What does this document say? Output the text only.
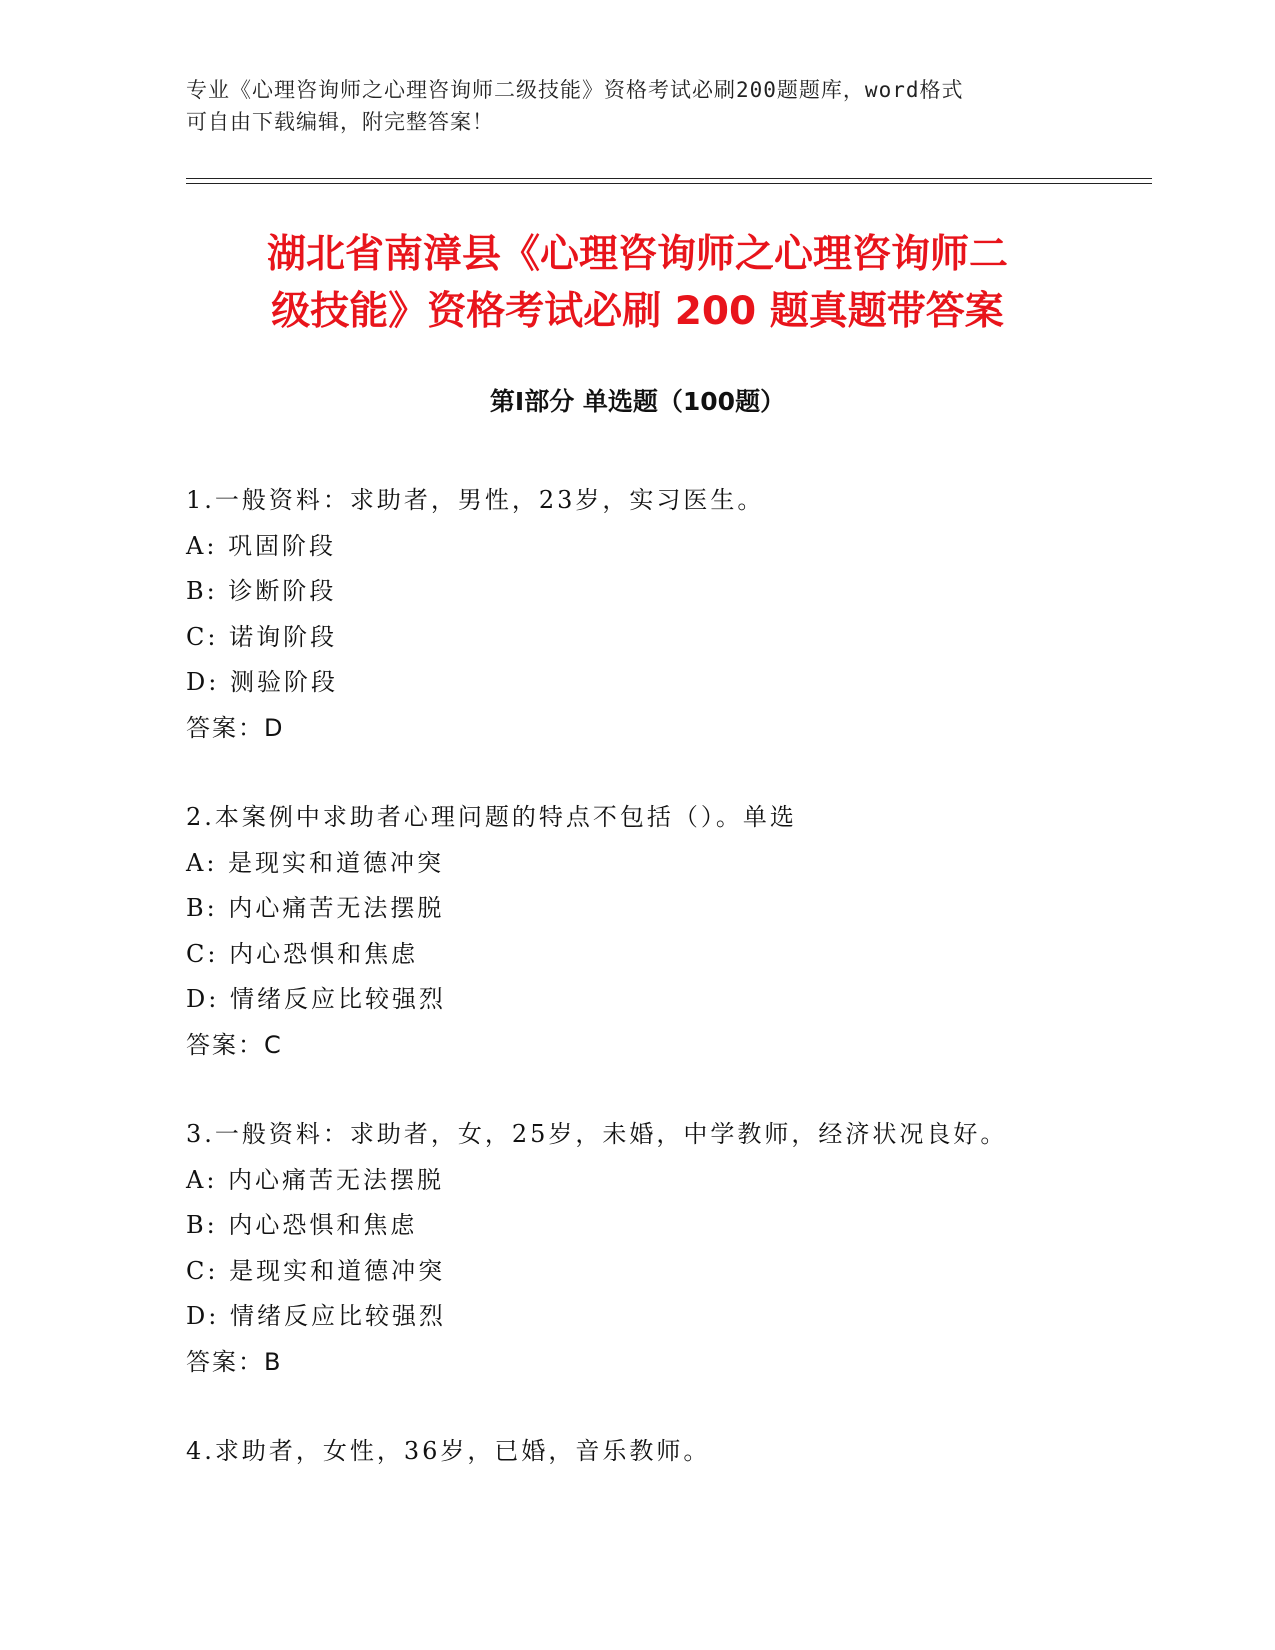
专业《心理咨询师之心理咨询师二级技能》资格考试必刷200题题库，word格式
可自由下载编辑，附完整答案！
湖北省南漳县《心理咨询师之心理咨询师二
级技能》资格考试必刷 200 题真题带答案
第Ⅰ部分 单选题（100题）
1.一般资料：求助者，男性，23岁，实习医生。
A: 巩固阶段
B: 诊断阶段
C: 诺询阶段
D: 测验阶段
答案：D
2.本案例中求助者心理问题的特点不包括（）。单选
A: 是现实和道德冲突
B: 内心痛苦无法摆脱
C: 内心恐惧和焦虑
D: 情绪反应比较强烈
答案：C
3.一般资料：求助者，女，25岁，未婚，中学教师，经济状况良好。
A: 内心痛苦无法摆脱
B: 内心恐惧和焦虑
C: 是现实和道德冲突
D: 情绪反应比较强烈
答案：B
4.求助者，女性，36岁，已婚，音乐教师。
